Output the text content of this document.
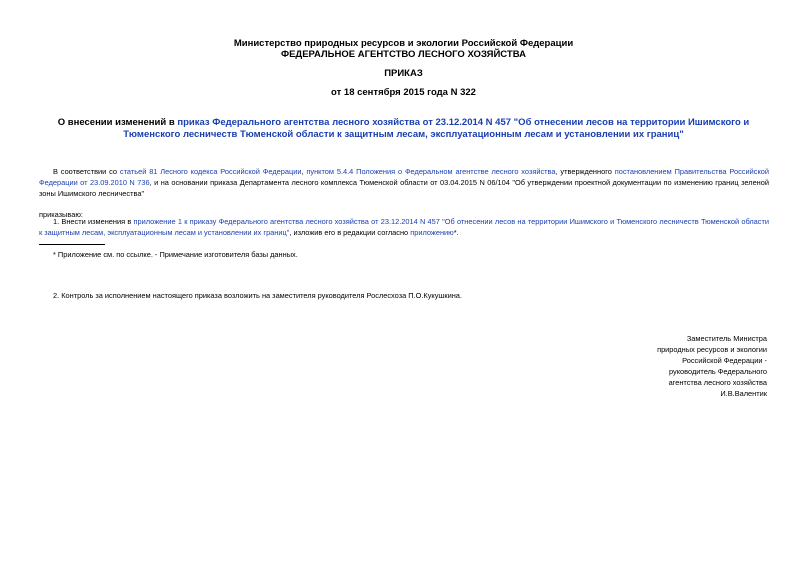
Министерство природных ресурсов и экологии Российской Федерации
ФЕДЕРАЛЬНОЕ АГЕНТСТВО ЛЕСНОГО ХОЗЯЙСТВА
ПРИКАЗ
от 18 сентября 2015 года N 322
О внесении изменений в приказ Федерального агентства лесного хозяйства от 23.12.2014 N 457 "Об отнесении лесов на территории Ишимского и Тюменского лесничеств Тюменской области к защитным лесам, эксплуатационным лесам и установлении их границ"
В соответствии со статьей 81 Лесного кодекса Российской Федерации, пунктом 5.4.4 Положения о Федеральном агентстве лесного хозяйства, утвержденного постановлением Правительства Российской Федерации от 23.09.2010 N 736, и на основании приказа Департамента лесного комплекса Тюменской области от 03.04.2015 N 06/104 "Об утверждении проектной документации по изменению границ зеленой зоны Ишимского лесничества"
приказываю:
1. Внести изменения в приложение 1 к приказу Федерального агентства лесного хозяйства от 23.12.2014 N 457 "Об отнесении лесов на территории Ишимского и Тюменского лесничеств Тюменской области к защитным лесам, эксплуатационным лесам и установлении их границ", изложив его в редакции согласно приложению*.
* Приложение см. по ссылке. - Примечание изготовителя базы данных.
2. Контроль за исполнением настоящего приказа возложить на заместителя руководителя Рослесхоза П.О.Кукушкина.
Заместитель Министра
природных ресурсов и экологии
Российской Федерации -
руководитель Федерального
агентства лесного хозяйства
И.В.Валентик
